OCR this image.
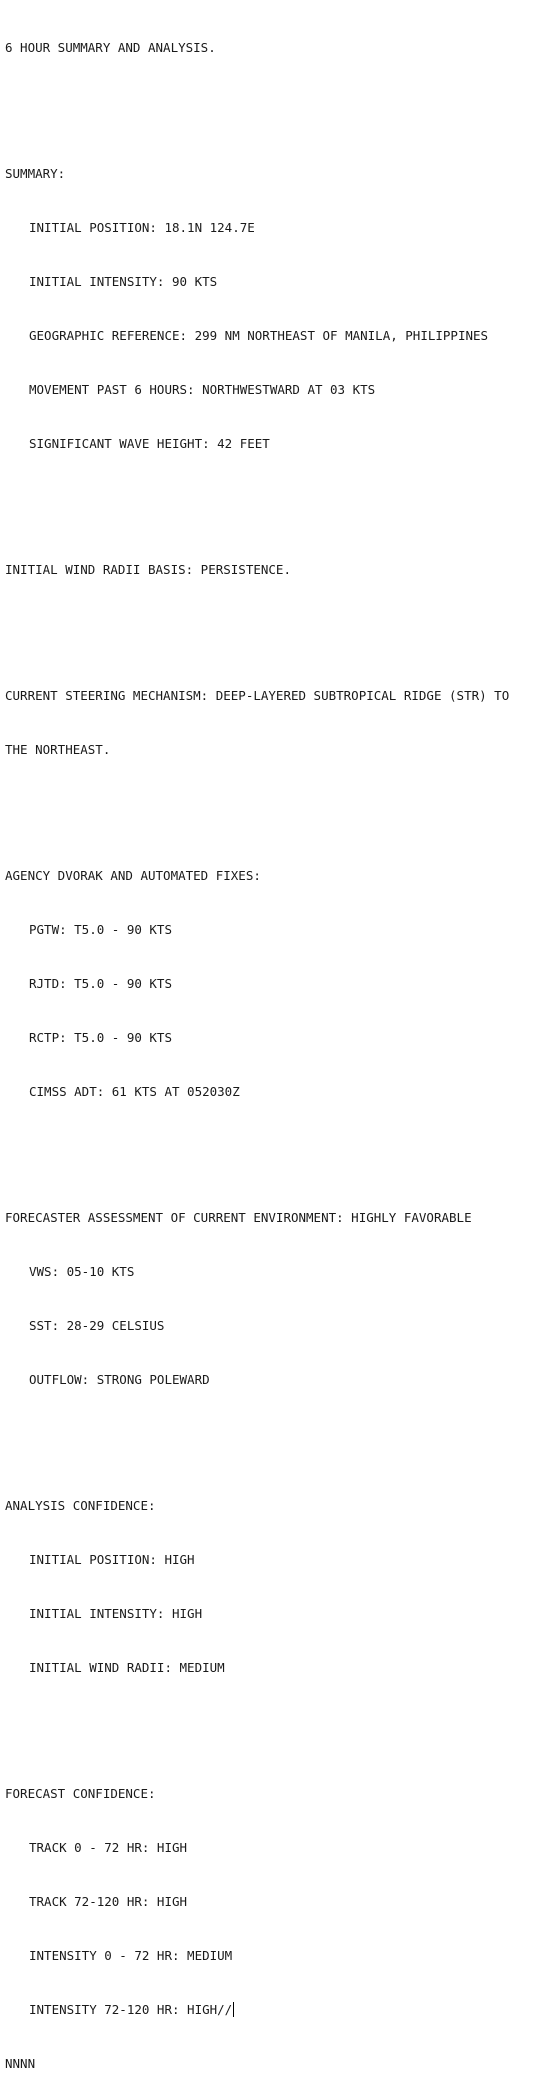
6 HOUR SUMMARY AND ANALYSIS.

SUMMARY:

INITIAL POSITION: 18.1N 124.7E

INITIAL INTENSITY: 90 KTS

GEOGRAPHIC REFERENCE: 299 NM NORTHEAST OF MANILA, PHILIPPINES

MOVEMENT PAST 6 HOURS: NORTHWESTWARD AT 03 KTS

SIGNIFICANT WAVE HEIGHT: 42 FEET

INITIAL WIND RADII BASIS: PERSISTENCE.

CURRENT STEERING MECHANISM: DEEP-LAYERED SUBTROPICAL RIDGE (STR) TO

THE NORTHEAST.

AGENCY DVORAK AND AUTOMATED FIXES:

PGTW: T5.0 - 90 KTS

RJTD: T5.0 - 90 KTS

RCTP: T5.0 - 90 KTS

CIMSS ADT: 61 KTS AT 052030Z

FORECASTER ASSESSMENT OF CURRENT ENVIRONMENT: HIGHLY FAVORABLE

VWS: 05-10 KTS

SST: 28-29 CELSIUS

OUTFLOW: STRONG POLEWARD

ANALYSIS CONFIDENCE:

INITIAL POSITION: HIGH

INITIAL INTENSITY: HIGH

INITIAL WIND RADII: MEDIUM

FORECAST CONFIDENCE:

TRACK 0 - 72 HR: HIGH

TRACK 72-120 HR: HIGH

INTENSITY 0 - 72 HR: MEDIUM

INTENSITY 72-120 HR: HIGH//

NNNN
